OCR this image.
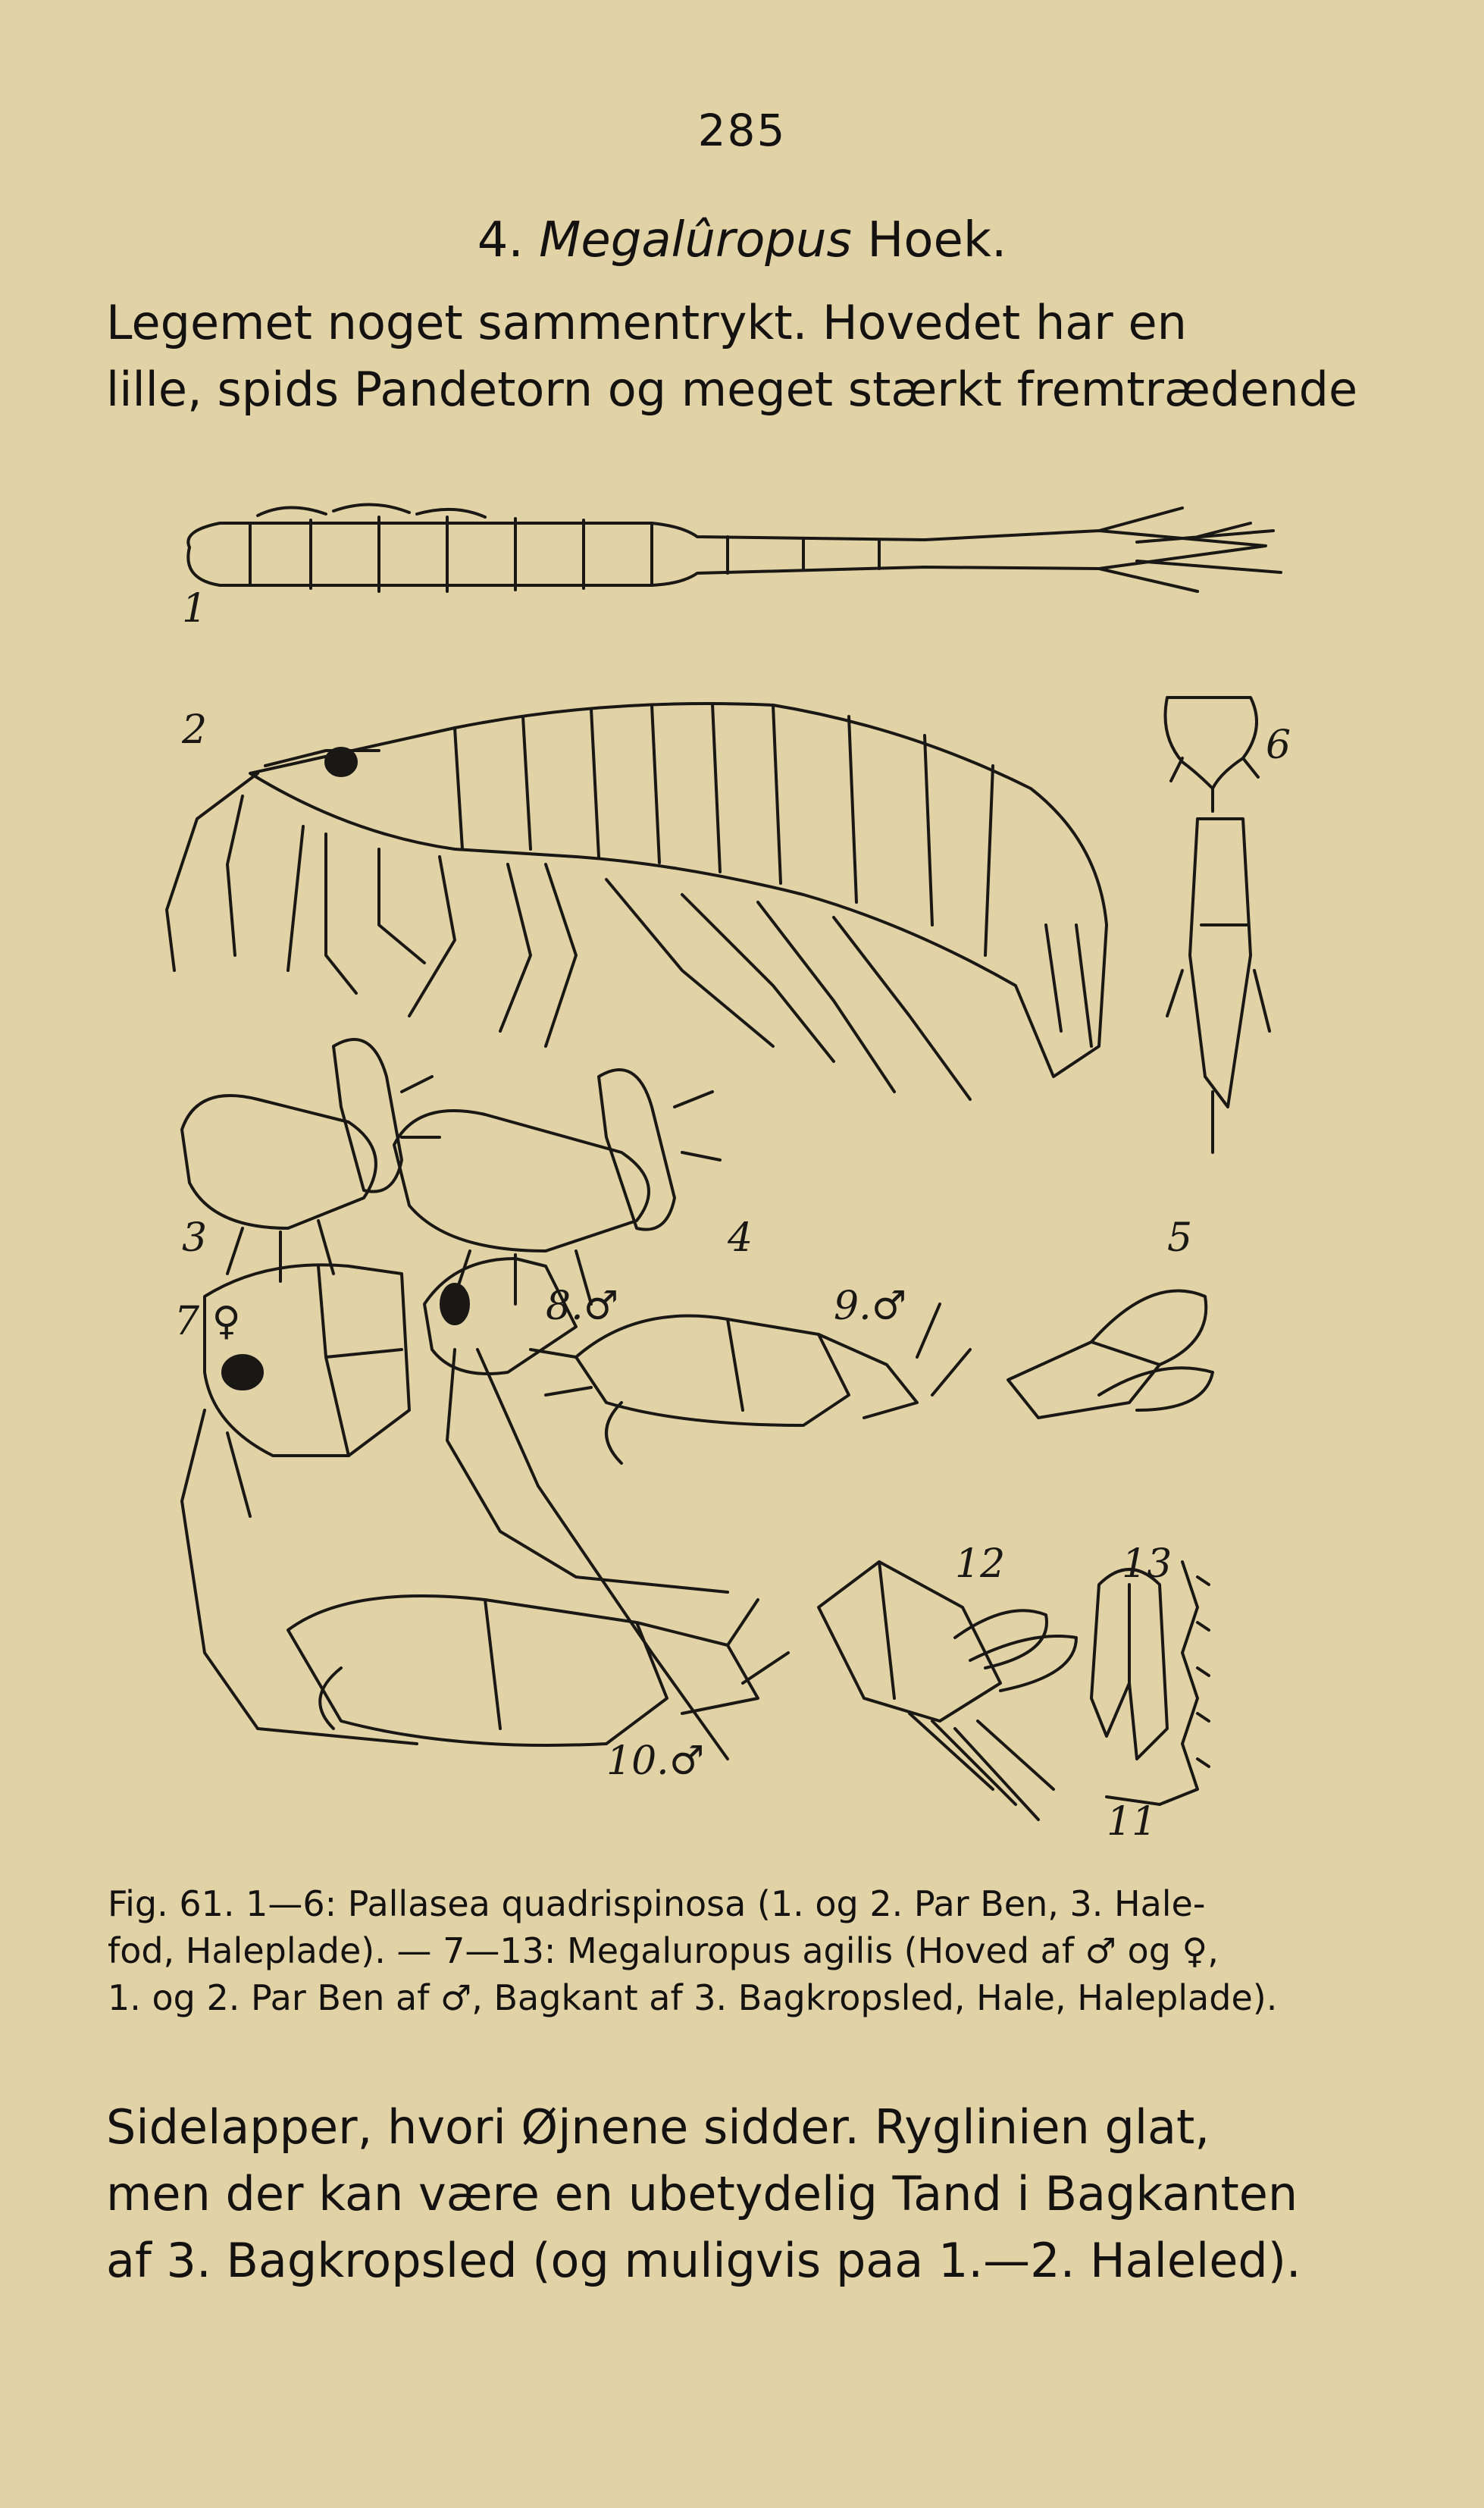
285
4. Megalûropus Hoek.
Legemet noget sammentrykt. Hovedet har en
lille, spids Pandetorn og meget stærkt fremtrædende
1
2	6
3	4	5
7 ♀	8.♂	9.♂
12	13
10.♂
11
Fig. 61. 1—6: Pallasea quadrispinosa (1. og 2. Par Ben, 3. Hale-
fod, Haleplade). — 7—13: Megaluropus agilis (Hoved af ♂ og ♀,
1. og 2. Par Ben af ♂, Bagkant af 3. Bagkropsled, Hale, Haleplade).
Sidelapper, hvori Øjnene sidder. Ryglinien glat,
men der kan være en ubetydelig Tand i Bagkanten
af 3. Bagkropsled (og muligvis paa 1.—2. Haleled).
